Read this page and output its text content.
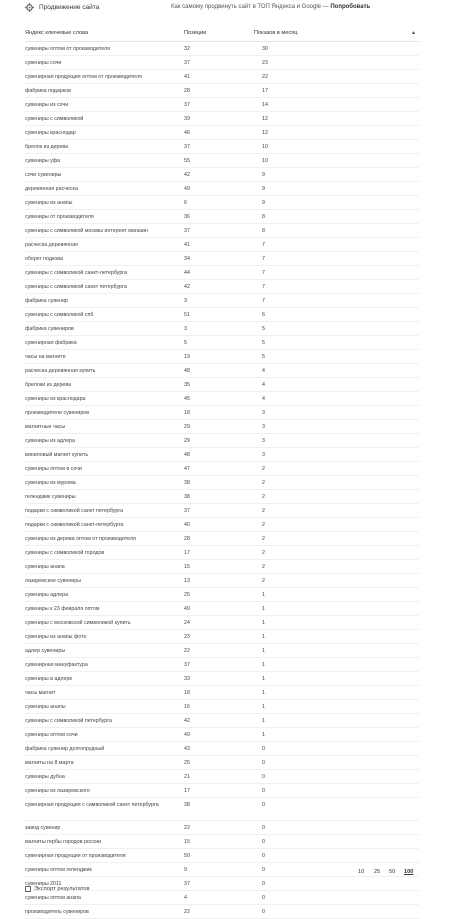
Продвижение сайта	Как самому продвинуть сайт в ТОП Яндекса и Google — Попробовать
Яндекс ключевые слова	Позиции	Показов в месяц	▲
сувениры оптом от производителя	32	30
сувениры сочи	37	23
сувенирная продукция оптом от производителя	41	22
фабрика подарков	28	17
сувениры из сочи	37	14
сувениры с символикой	39	12
сувениры краснодар	46	12
брелок из дерева	37	10
сувениры уфа	55	10
сочи сувениры	42	9
деревянная расческа	49	9
сувениры из анапы	6	9
сувениры от производителя	36	8
сувениры с символикой москвы интернет магазин	37	8
расческа деревянная	41	7
оберег подкова	34	7
сувениры с символикой санкт-петербурга	44	7
сувениры с символикой санкт петербурга	42	7
фабрика сувенир	3	7
сувениры с символикой спб	51	6
фабрика сувениров	3	5
сувенирная фабрика	5	5
часы на магните	19	5
расческа деревянная купить	48	4
брелоки из дерева	35	4
сувениры из краснодара	45	4
производители сувениров	18	3
магнитные часы	29	3
сувениры из адлера	29	3
виниловый магнит купить	48	3
сувениры оптом в сочи	47	2
сувениры из мурома	38	2
геленджик сувениры	38	2
подарки с символикой санкт петербурга	37	2
подарки с символикой санкт-петербурга	40	2
сувениры из дерева оптом от производителя	28	2
сувениры с символикой городов	17	2
сувениры анапа	15	2
лазаревское сувениры	13	2
сувениры адлера	25	1
сувениры к 23 февраля оптом	49	1
сувениры с московской символикой купить	24	1
сувениры из анапы фото	23	1
адлер сувениры	22	1
сувенирная мануфактура	37	1
сувениры в адлере	33	1
часы магнит	18	1
сувениры анапы	16	1
сувениры с символикой петербурга	42	1
сувениры оптом сочи	49	1
фабрика сувенир долгопрудный	43	0
магниты на 8 марта	25	0
сувениры дубна	21	0
сувениры из лазаревского	17	0
сувенирная продукция с символикой санкт петербурга	38	0
завод сувенир	22	0
магниты гербы городов россии	15	0
сувенирная продукция от производителя	50	0
сувениры оптом геленджик	9	0
сувениры 2011	37	0
сувениры оптом анапа	4	0
производитель сувениров	22	0
10 25 50 100
Экспорт результатов
